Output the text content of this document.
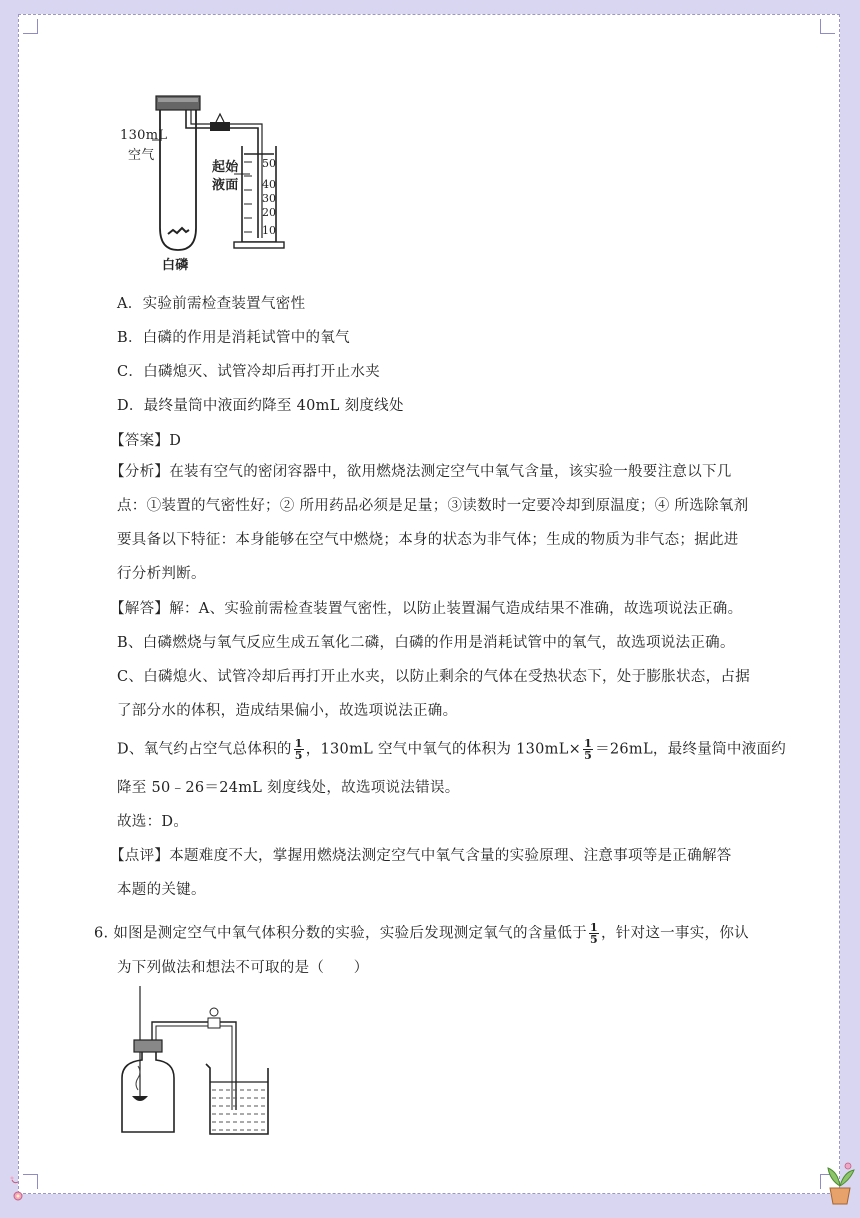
50
40
30
20
10
130mL
空气
起始
液面
白磷
A．实验前需检查装置气密性
B．白磷的作用是消耗试管中的氧气
C．白磷熄灭、试管冷却后再打开止水夹
D．最终量筒中液面约降至 40mL 刻度线处
【答案】D
【分析】在装有空气的密闭容器中，欲用燃烧法测定空气中氧气含量，该实验一般要注意以下几
点：①装置的气密性好；② 所用药品必须是足量；③读数时一定要冷却到原温度；④ 所选除氧剂
要具备以下特征：本身能够在空气中燃烧；本身的状态为非气体；生成的物质为非气态；据此进
行分析判断。
【解答】解：A、实验前需检查装置气密性，以防止装置漏气造成结果不准确，故选项说法正确。
B、白磷燃烧与氧气反应生成五氧化二磷，白磷的作用是消耗试管中的氧气，故选项说法正确。
C、白磷熄火、试管冷却后再打开止水夹，以防止剩余的气体在受热状态下，处于膨胀状态，占据
了部分水的体积，造成结果偏小，故选项说法正确。
D、氧气约占空气总体积的 $\frac{1}{5}$ ，130mL 空气中氧气的体积为 $130mL\times \frac{1}{5} =26mL$，最终量筒中液面约
降至 50﹣26＝24mL 刻度线处，故选项说法错误。
故选：D。
【点评】本题难度不大，掌握用燃烧法测定空气中氧气含量的实验原理、注意事项等是正确解答
本题的关键。
6. 如图是测定空气中氧气体积分数的实验，实验后发现测定氧气的含量低于 $\frac{1}{5}$ ，针对这一事实，你认
为下列做法和想法不可取的是（　　）
